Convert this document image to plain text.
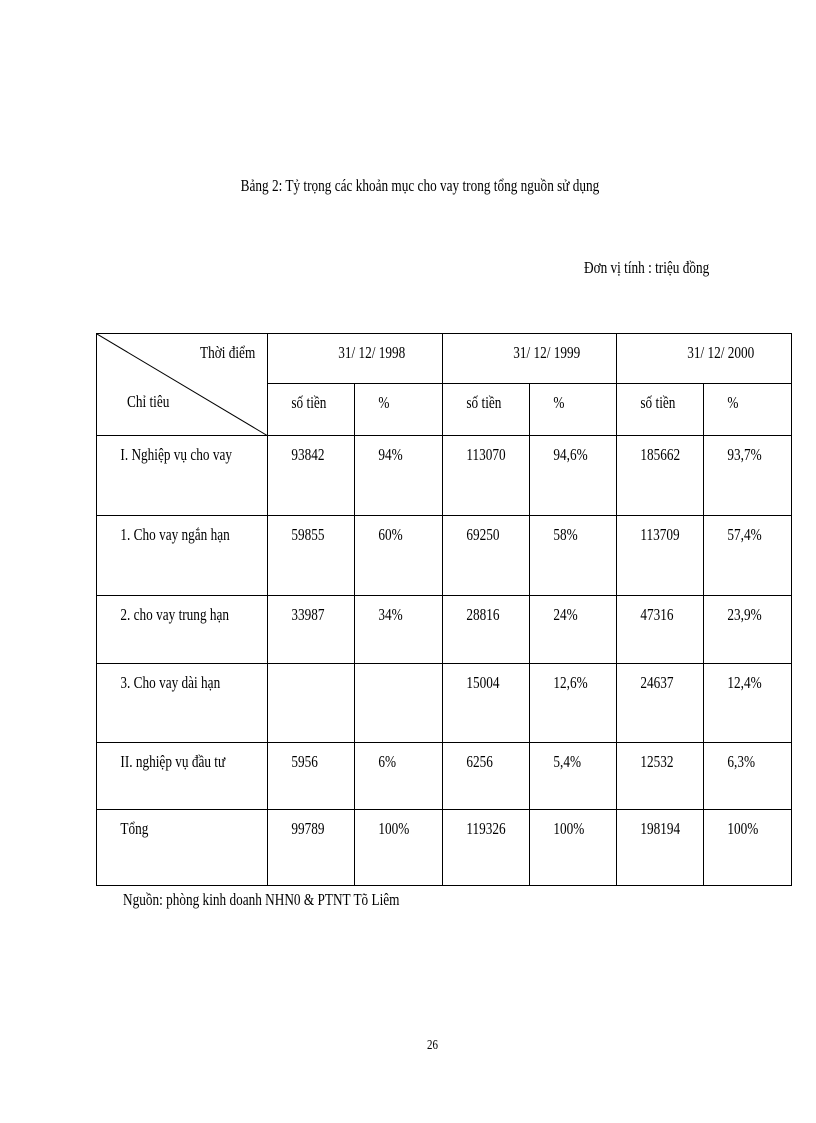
Bảng 2: Tỷ trọng các khoản mục cho vay trong tổng nguồn sử dụng
Đơn vị tính : triệu đồng
Thời điểm
Chỉ tiêu	31/ 12/ 1998		31/ 12/ 1999		31/ 12/ 2000	
	số tiền	%	số tiền	%	số tiền	%
I. Nghiệp vụ cho vay	93842	94%	113070	94,6%	185662	93,7%
1. Cho vay ngắn hạn	59855	60%	69250	58%	113709	57,4%
2. cho vay trung hạn	33987	34%	28816	24%	47316	23,9%
3. Cho vay dài hạn			15004	12,6%	24637	12,4%
II. nghiệp vụ đầu tư	5956	6%	6256	5,4%	12532	6,3%
Tổng	99789	100%	119326	100%	198194	100%
Nguồn: phòng kinh doanh NHN0 & PTNT Tõ Liêm
26
